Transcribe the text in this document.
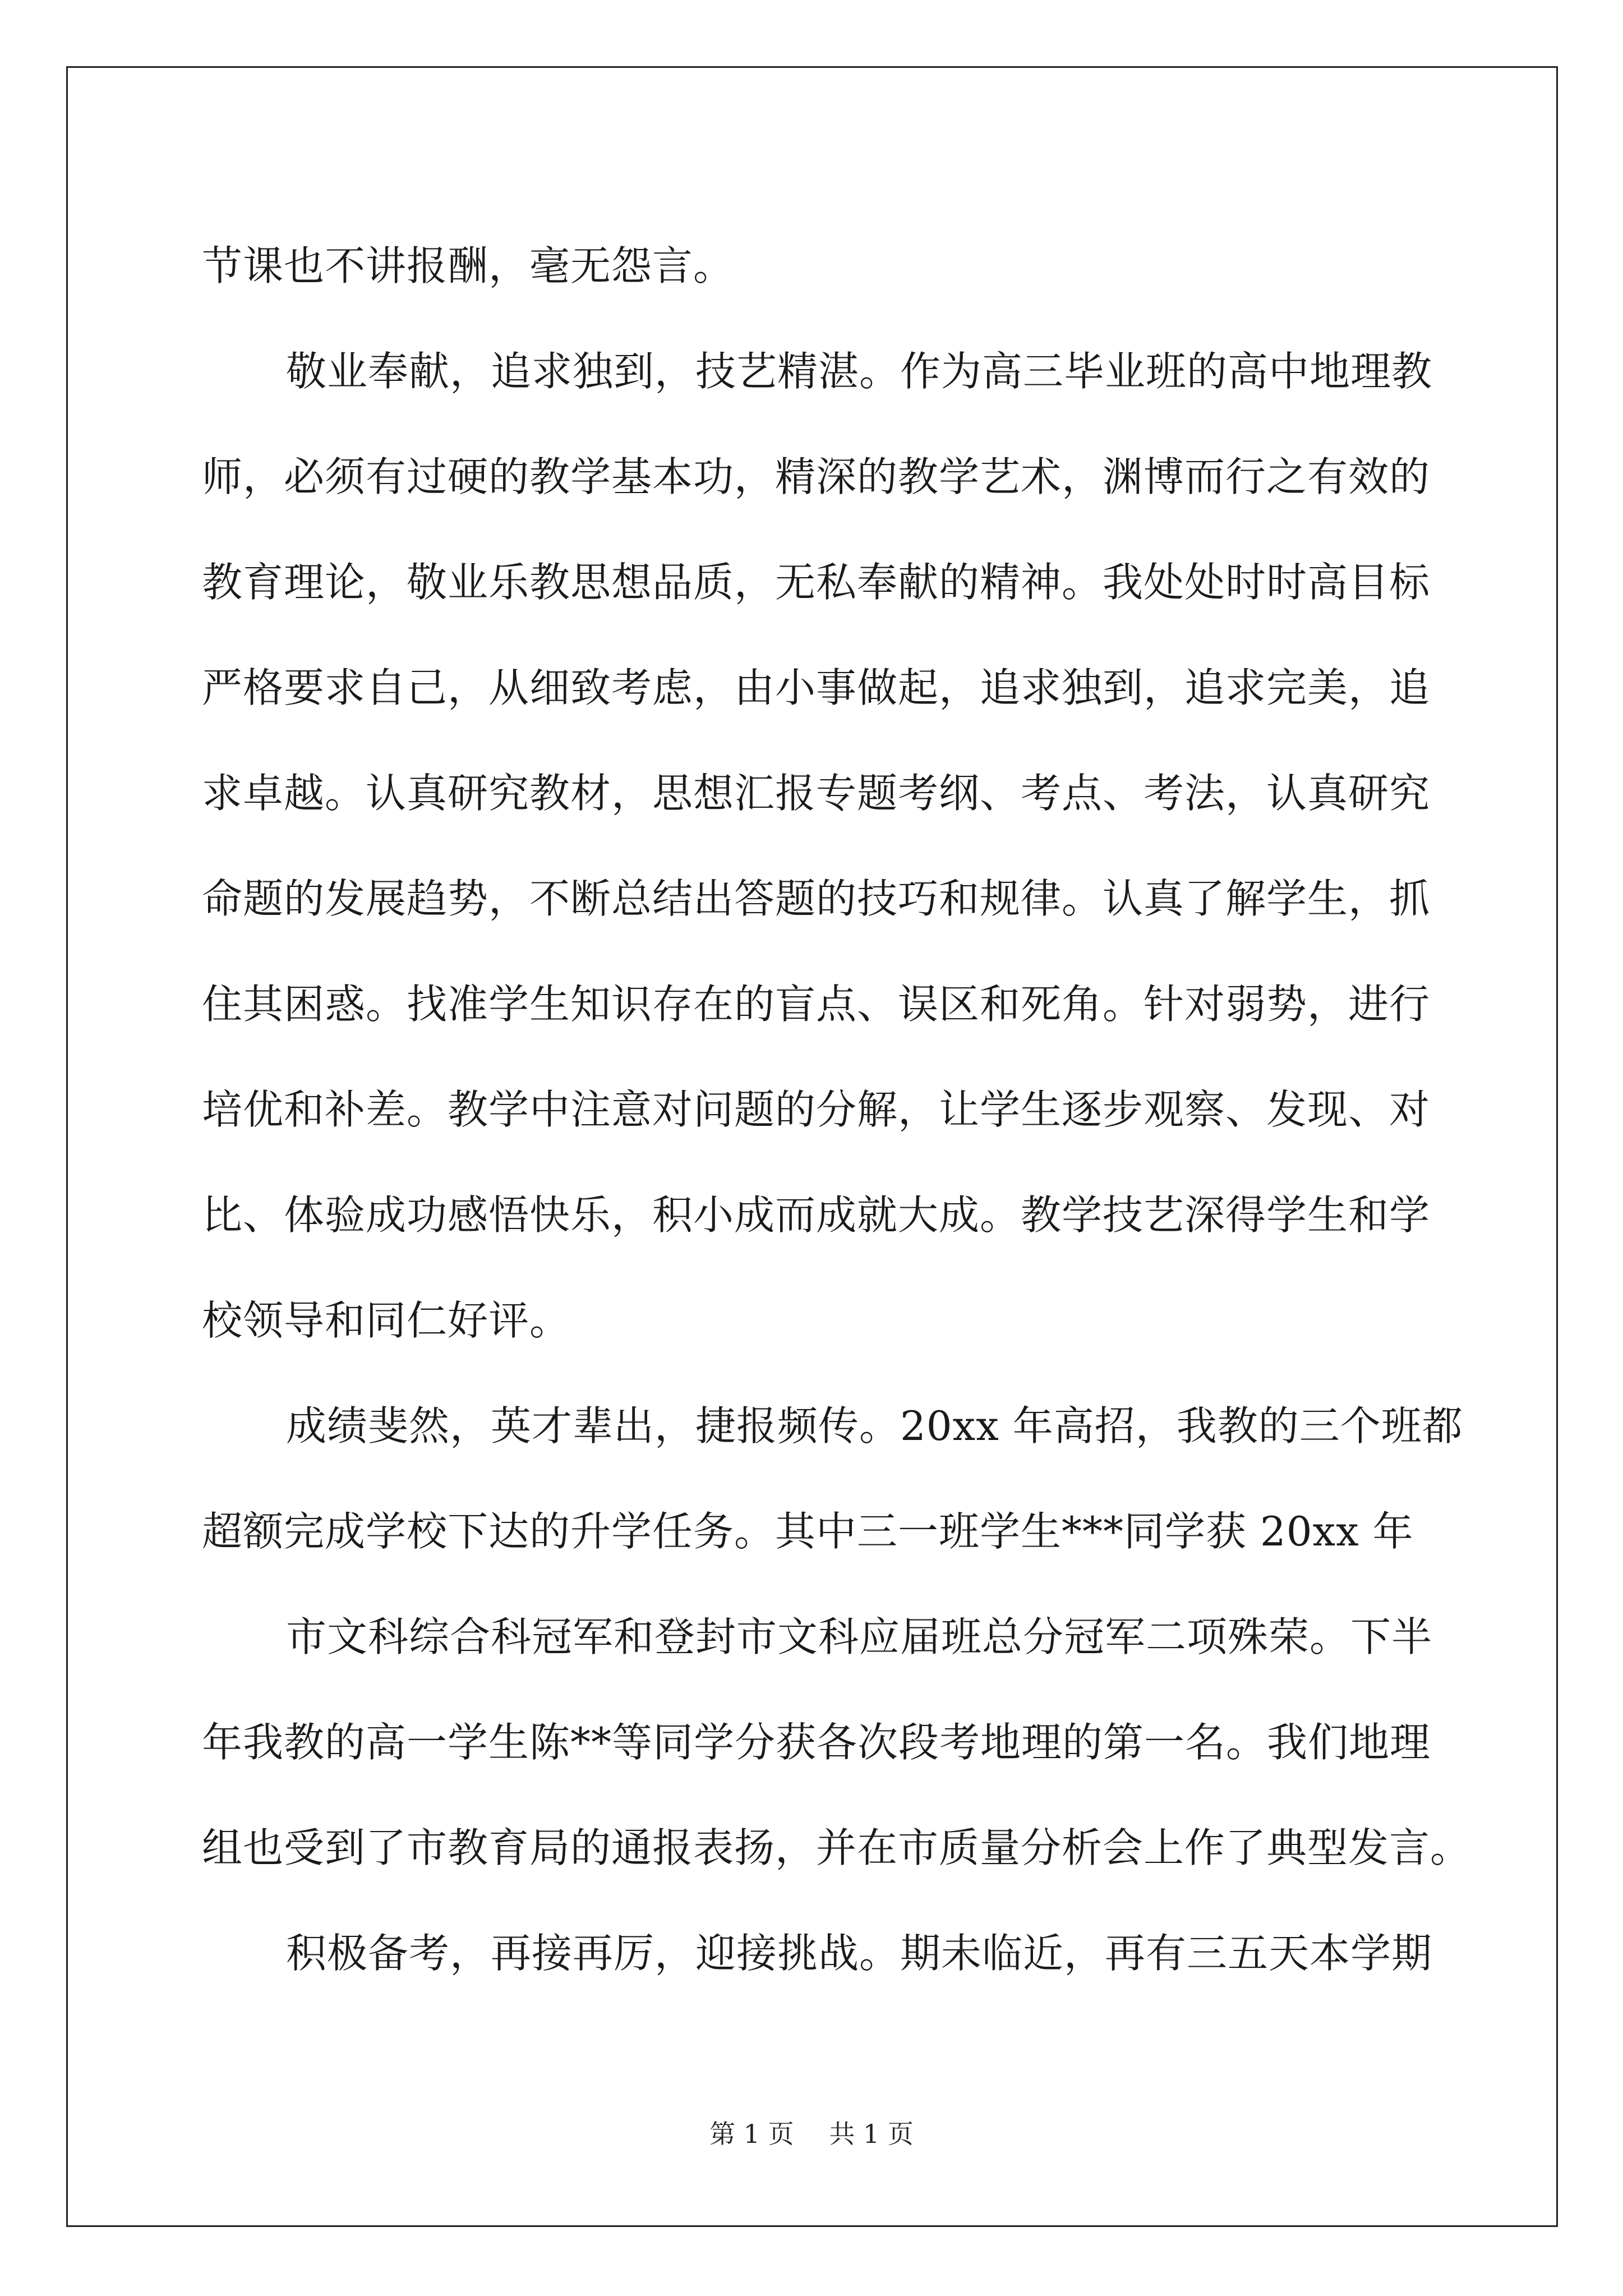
节课也不讲报酬，毫无怨言。
敬业奉献，追求独到，技艺精湛。作为高三毕业班的高中地理教
师，必须有过硬的教学基本功，精深的教学艺术，渊博而行之有效的
教育理论，敬业乐教思想品质，无私奉献的精神。我处处时时高目标
严格要求自己，从细致考虑，由小事做起，追求独到，追求完美，追
求卓越。认真研究教材，思想汇报专题考纲、考点、考法，认真研究
命题的发展趋势，不断总结出答题的技巧和规律。认真了解学生，抓
住其困惑。找准学生知识存在的盲点、误区和死角。针对弱势，进行
培优和补差。教学中注意对问题的分解，让学生逐步观察、发现、对
比、体验成功感悟快乐，积小成而成就大成。教学技艺深得学生和学
校领导和同仁好评。
成绩斐然，英才辈出，捷报频传。20xx 年高招，我教的三个班都
超额完成学校下达的升学任务。其中三一班学生***同学获 20xx 年
市文科综合科冠军和登封市文科应届班总分冠军二项殊荣。下半
年我教的高一学生陈**等同学分获各次段考地理的第一名。我们地理
组也受到了市教育局的通报表扬，并在市质量分析会上作了典型发言。
积极备考，再接再厉，迎接挑战。期未临近，再有三五天本学期
第 1 页 共 1 页
